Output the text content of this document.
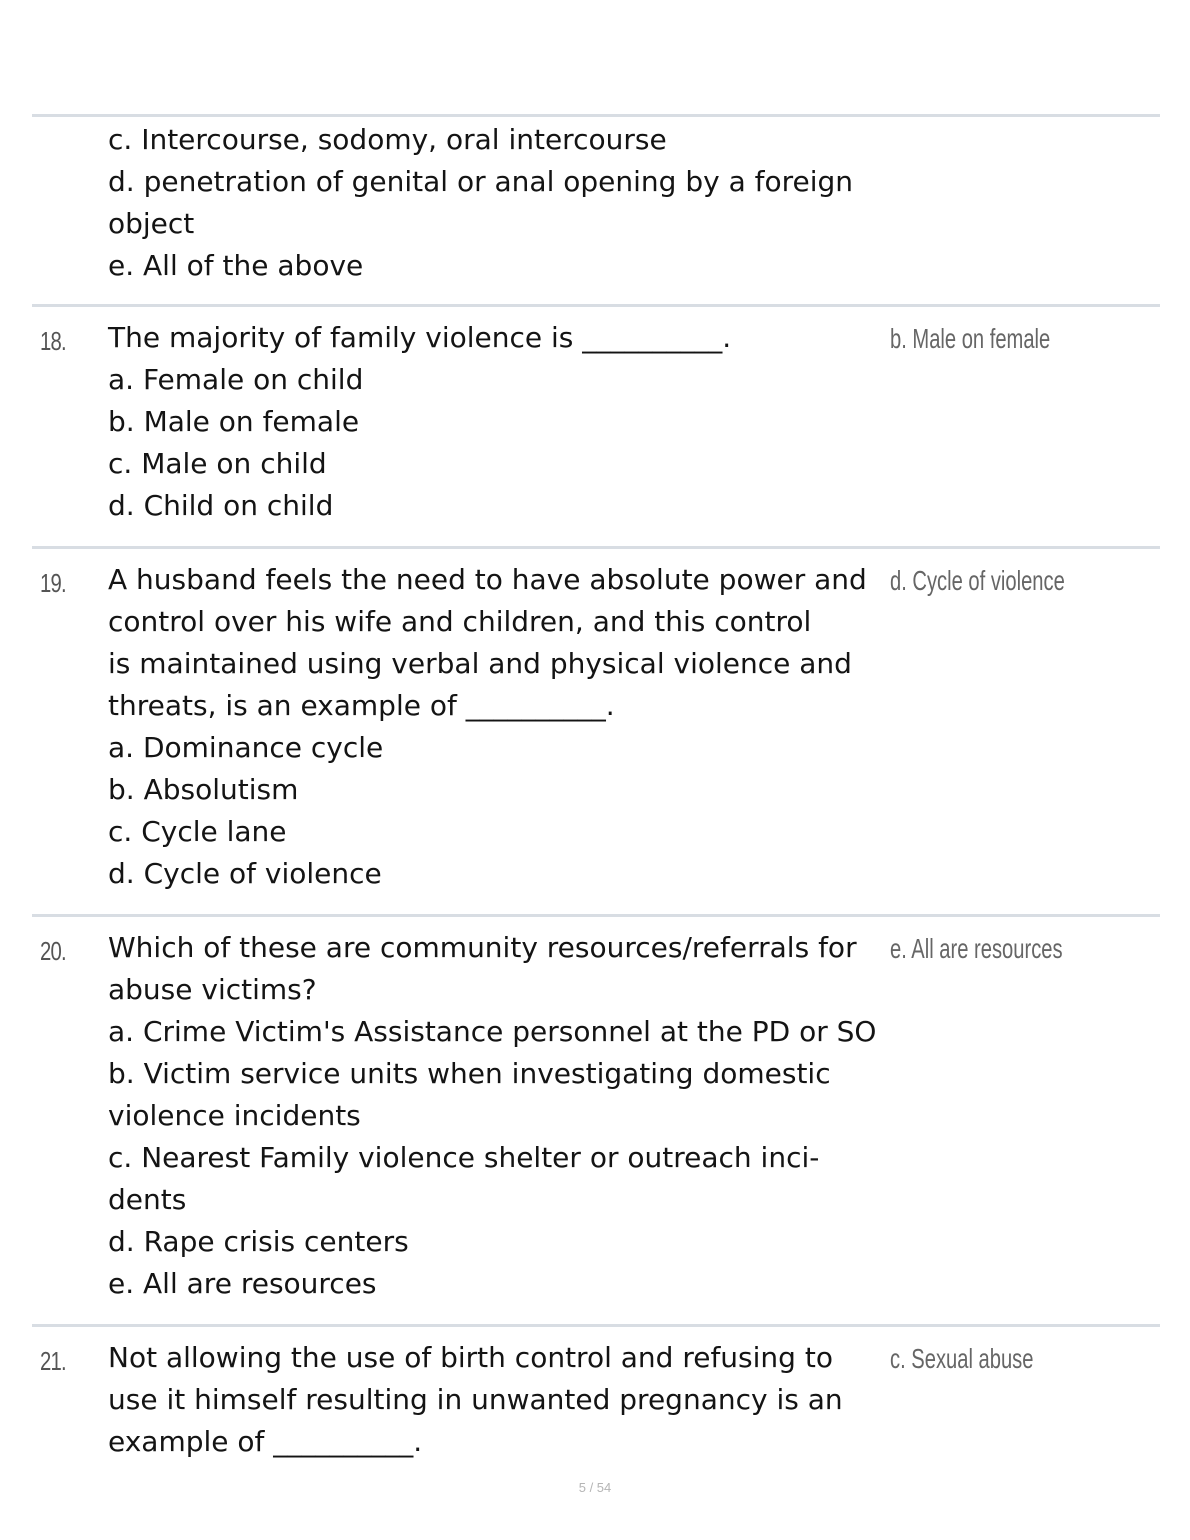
c. Intercourse, sodomy, oral intercourse
d. penetration of genital or anal opening by a foreign
object
e. All of the above
18. The majority of family violence is __________.
a. Female on child
b. Male on female
c. Male on child
d. Child on child
b. Male on female
19. A husband feels the need to have absolute power and
control over his wife and children, and this control
is maintained using verbal and physical violence and
threats, is an example of __________.
a. Dominance cycle
b. Absolutism
c. Cycle lane
d. Cycle of violence
d. Cycle of violence
20. Which of these are community resources/referrals for
abuse victims?
a. Crime Victim's Assistance personnel at the PD or SO
b. Victim service units when investigating domestic
violence incidents
c. Nearest Family violence shelter or outreach inci-
dents
d. Rape crisis centers
e. All are resources
e. All are resources
21. Not allowing the use of birth control and refusing to
use it himself resulting in unwanted pregnancy is an
example of __________.
c. Sexual abuse
5 / 54
